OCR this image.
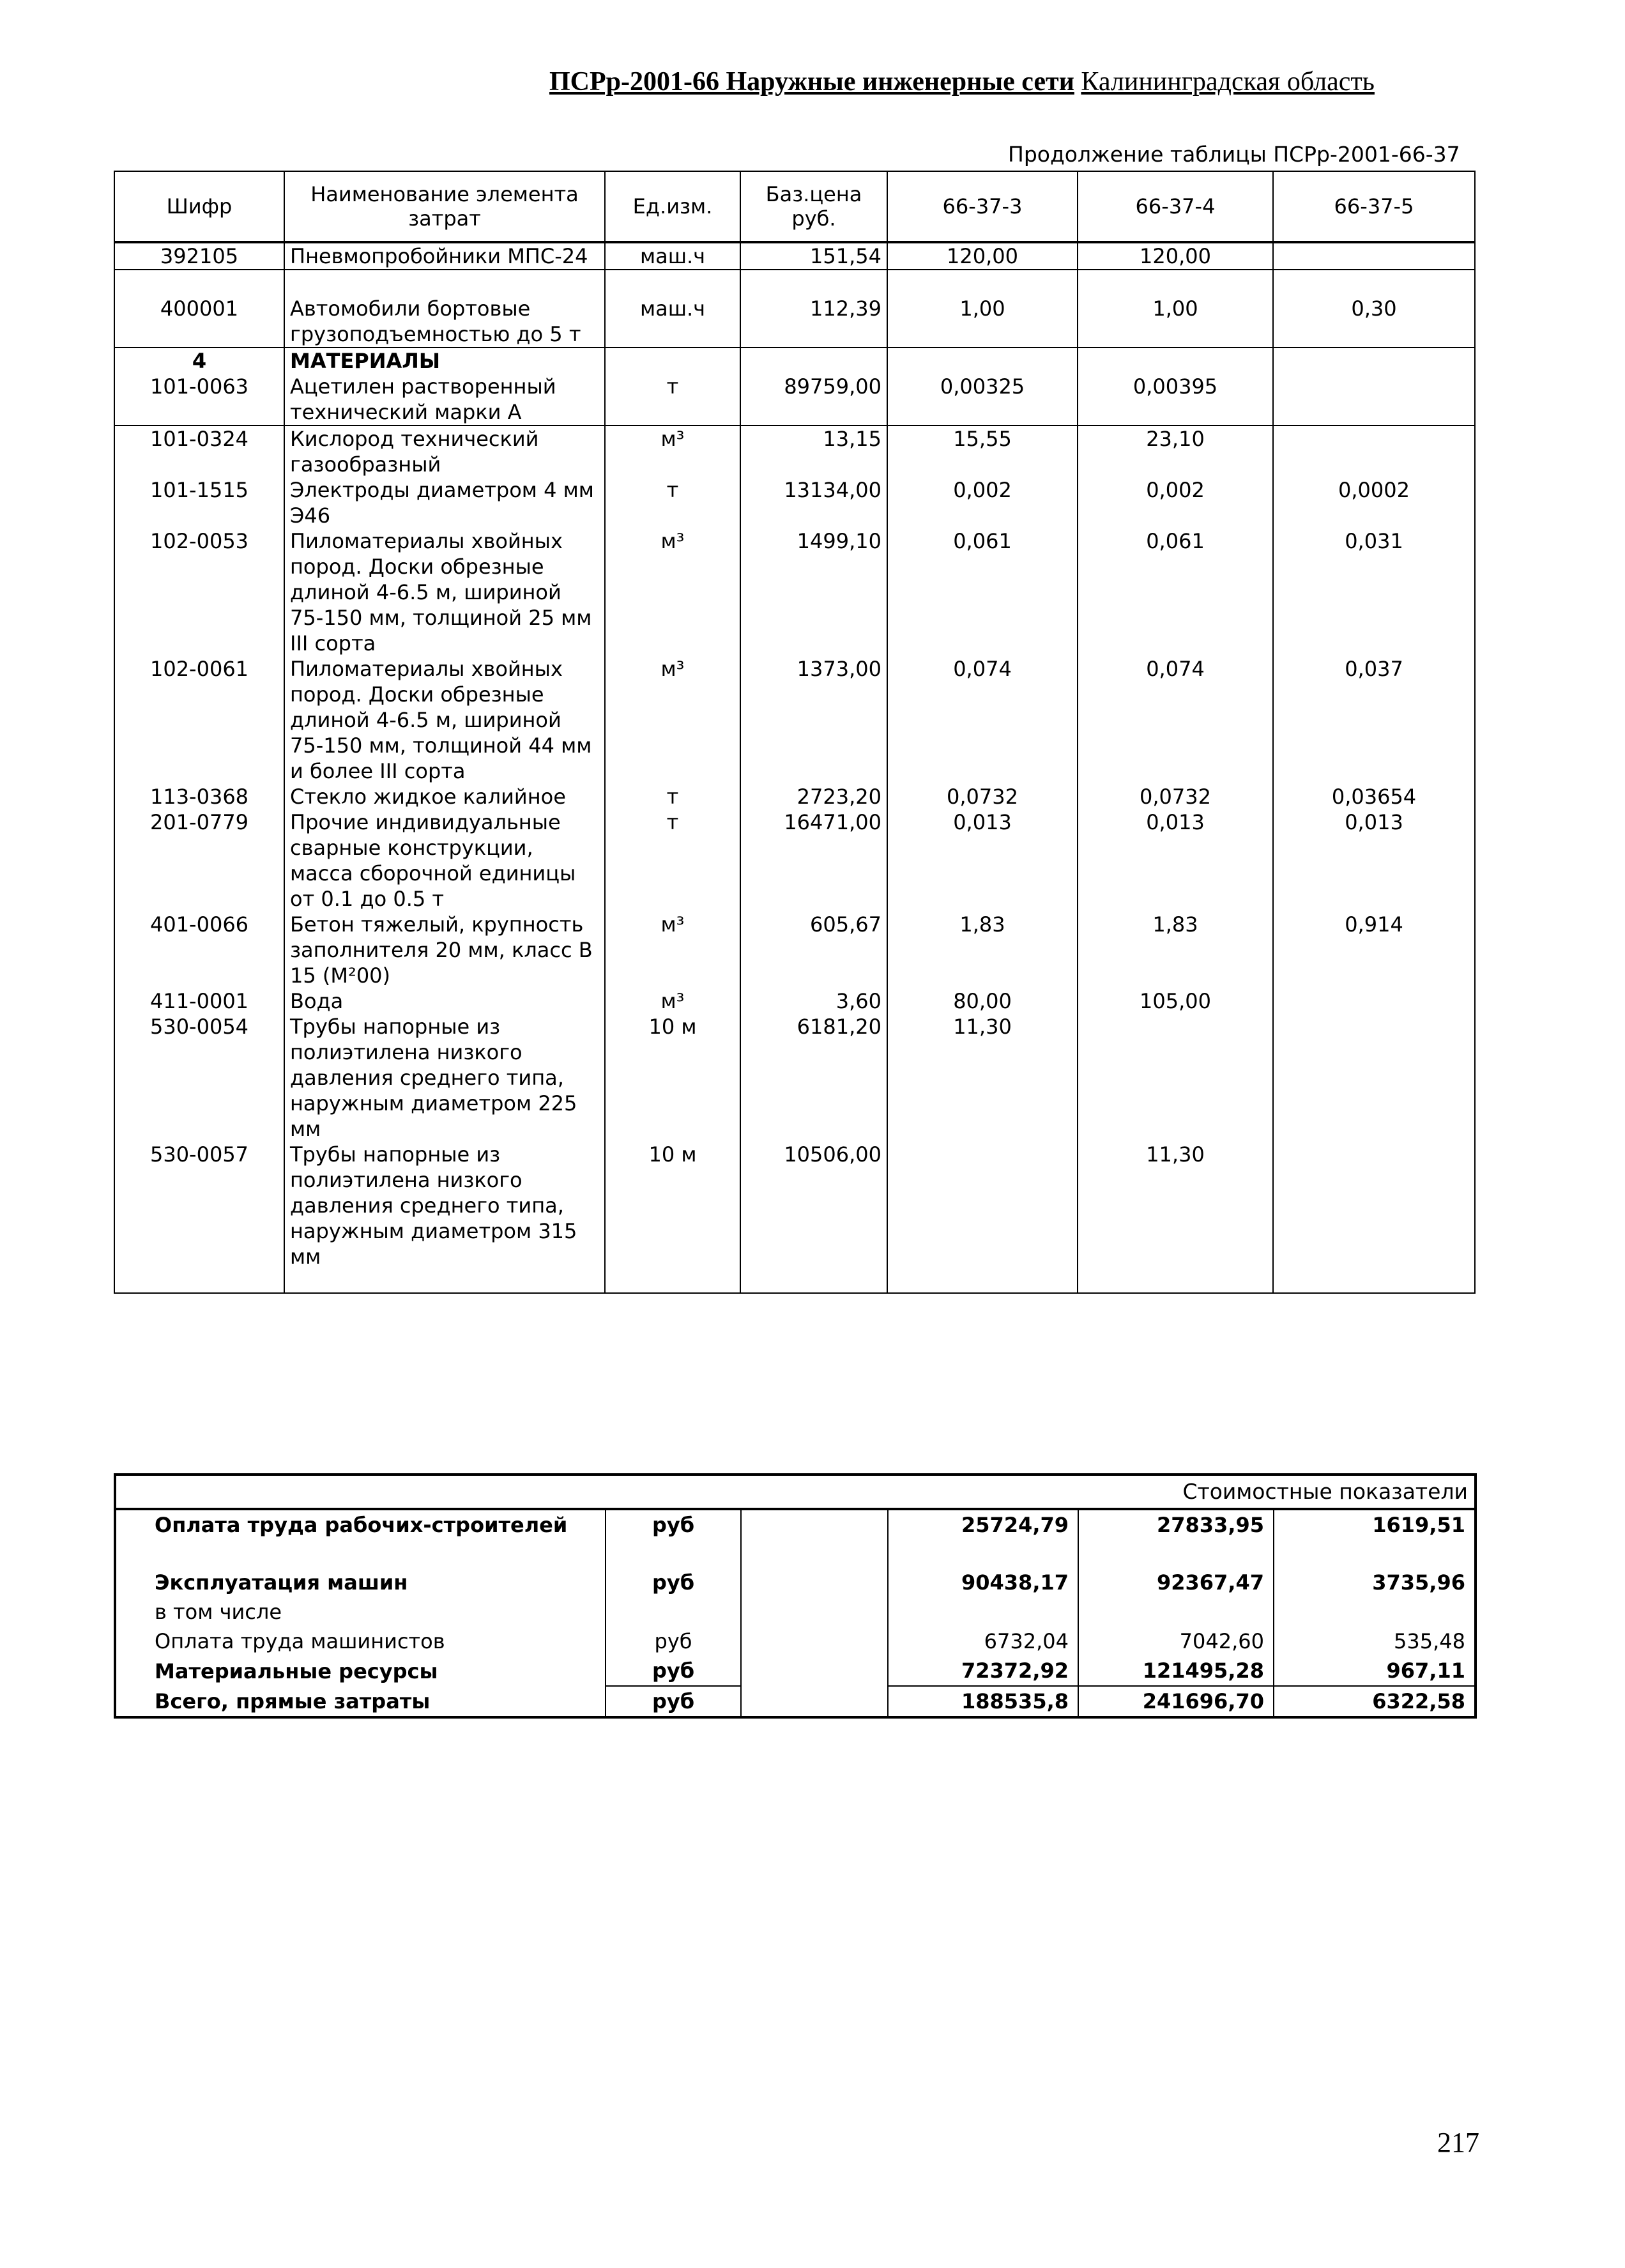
ПСРр-2001-66 Наружные инженерные сети Калининградская область
Продолжение таблицы ПСРр-2001-66-37
Шифр	Наименование элемента затрат	Ед.изм.	Баз.цена руб.	66-37-3	66-37-4	66-37-5
392105	Пневмопробойники МПС-24	маш.ч	151,54	120,00	120,00	

400001	Автомобили бортовые грузоподъемностью до 5 т	маш.ч	112,39	1,00	1,00	0,30
4	МАТЕРИАЛЫ					
101-0063	Ацетилен растворенный технический марки А	т	89759,00	0,00325	0,00395	
101-0324	Кислород технический газообразный	м³	13,15	15,55	23,10	
101-1515	Электроды диаметром 4 мм Э46	т	13134,00	0,002	0,002	0,0002
102-0053	Пиломатериалы хвойных пород. Доски обрезные длиной 4-6.5 м, шириной 75-150 мм, толщиной 25 мм III сорта	м³	1499,10	0,061	0,061	0,031
102-0061	Пиломатериалы хвойных пород. Доски обрезные длиной 4-6.5 м, шириной 75-150 мм, толщиной 44 мм и более III сорта	м³	1373,00	0,074	0,074	0,037
113-0368	Стекло жидкое калийное	т	2723,20	0,0732	0,0732	0,03654
201-0779	Прочие индивидуальные сварные конструкции, масса сборочной единицы от 0.1 до 0.5 т	т	16471,00	0,013	0,013	0,013
401-0066	Бетон тяжелый, крупность заполнителя 20 мм, класс В 15 (М²00)	м³	605,67	1,83	1,83	0,914
411-0001	Вода	м³	3,60	80,00	105,00	
530-0054	Трубы напорные из полиэтилена низкого давления среднего типа, наружным диаметром 225 мм	10 м	6181,20	11,30		
530-0057	Трубы напорные из полиэтилена низкого давления среднего типа, наружным диаметром 315 мм	10 м	10506,00		11,30	

Стоимостные показатели					
Оплата труда рабочих-строителей	руб		25724,79	27833,95	1619,51

Эксплуатация машин	руб		90438,17	92367,47	3735,96
в том числе					
Оплата труда машинистов	руб		6732,04	7042,60	535,48
Материальные ресурсы	руб		72372,92	121495,28	967,11
Всего, прямые затраты	руб		188535,8	241696,70	6322,58
217
